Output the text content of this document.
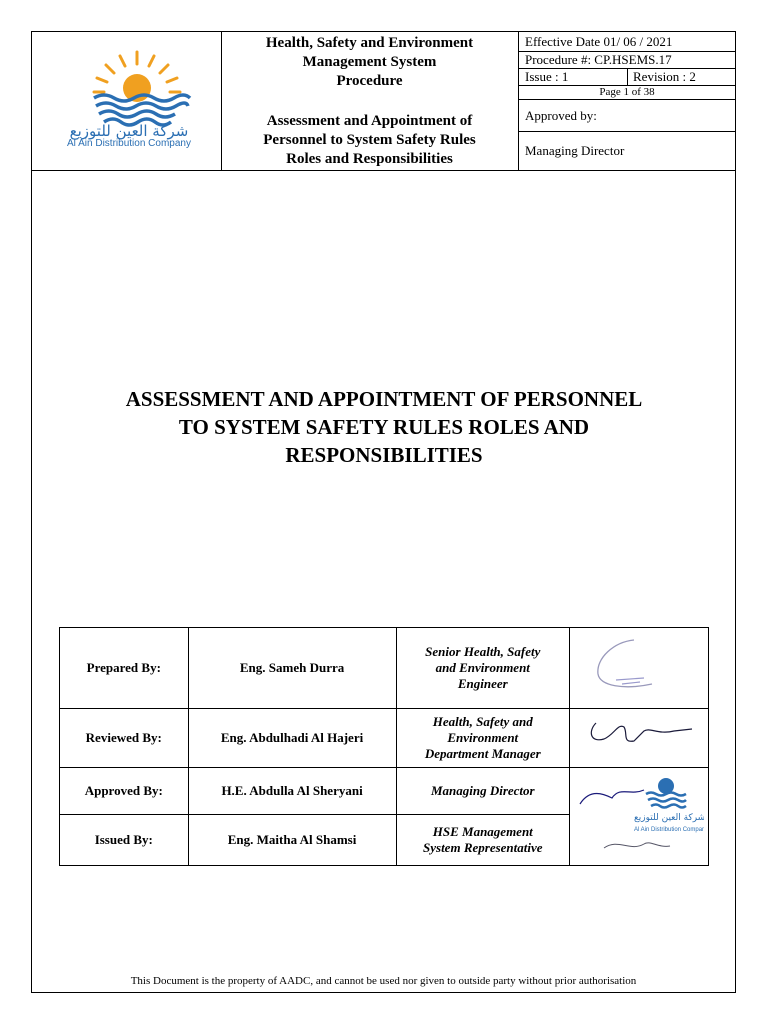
شركة العين للتوزيع
Al Ain Distribution Company
Health, Safety and Environment
Management System
Procedure
Assessment and Appointment of
Personnel to System Safety Rules
Roles and Responsibilities
Effective Date 01/ 06 / 2021
Procedure #: CP.HSEMS.17
Issue : 1	Revision : 2
Page 1 of 38
Approved by:
Managing Director
ASSESSMENT AND APPOINTMENT OF PERSONNEL
TO SYSTEM SAFETY RULES ROLES AND
RESPONSIBILITIES
Prepared By:	Eng. Sameh Durra	Senior Health, Safety
and Environment
Engineer

Reviewed By:	Eng. Abdulhadi Al Hajeri	Health, Safety and
Environment
Department Manager

Approved By:	H.E. Abdulla Al Sheryani	Managing Director	شركة العين للتوزيع
Al Ain Distribution Company

Issued By:	Eng. Maitha Al Shamsi	HSE Management
System Representative	
This Document is the property of AADC, and cannot be used nor given to outside party without prior authorisation
